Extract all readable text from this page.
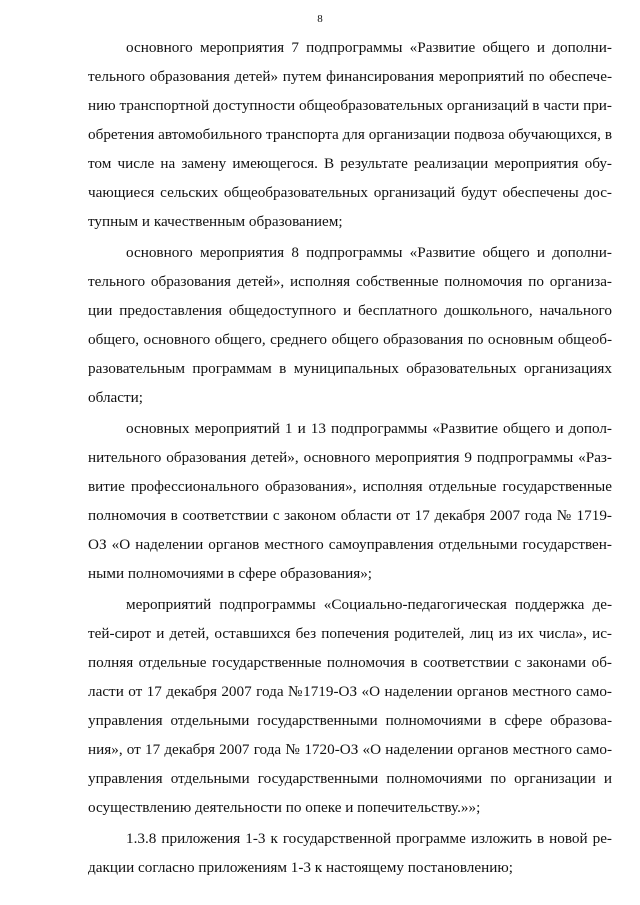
8
основного мероприятия 7 подпрограммы «Развитие общего и дополни-
тельного образования детей» путем финансирования мероприятий по обеспече-
нию транспортной доступности общеобразовательных организаций в части при-
обретения автомобильного транспорта для организации подвоза обучающихся, в
том числе на замену имеющегося. В результате реализации мероприятия обу-
чающиеся сельских общеобразовательных организаций будут обеспечены дос-
тупным и качественным образованием;
основного мероприятия 8 подпрограммы «Развитие общего и дополни-
тельного образования детей», исполняя собственные полномочия по организа-
ции предоставления общедоступного и бесплатного дошкольного, начального
общего, основного общего, среднего общего образования по основным общеоб-
разовательным программам в муниципальных образовательных организациях
области;
основных мероприятий 1 и 13 подпрограммы «Развитие общего и допол-
нительного образования детей», основного мероприятия 9 подпрограммы «Раз-
витие профессионального образования», исполняя отдельные государственные
полномочия в соответствии с законом области от 17 декабря 2007 года № 1719-
ОЗ «О наделении органов местного самоуправления отдельными государствен-
ными полномочиями в сфере образования»;
мероприятий подпрограммы «Социально-педагогическая поддержка де-
тей-сирот и детей, оставшихся без попечения родителей, лиц из их числа», ис-
полняя отдельные государственные полномочия в соответствии с законами об-
ласти от 17 декабря 2007 года №1719-ОЗ «О наделении органов местного само-
управления отдельными государственными полномочиями в сфере образова-
ния», от 17 декабря 2007 года № 1720-ОЗ «О наделении органов местного само-
управления отдельными государственными полномочиями по организации и
осуществлению деятельности по опеке и попечительству.»»;
1.3.8 приложения 1-3 к государственной программе изложить в новой ре-
дакции согласно приложениям 1-3 к настоящему постановлению;
